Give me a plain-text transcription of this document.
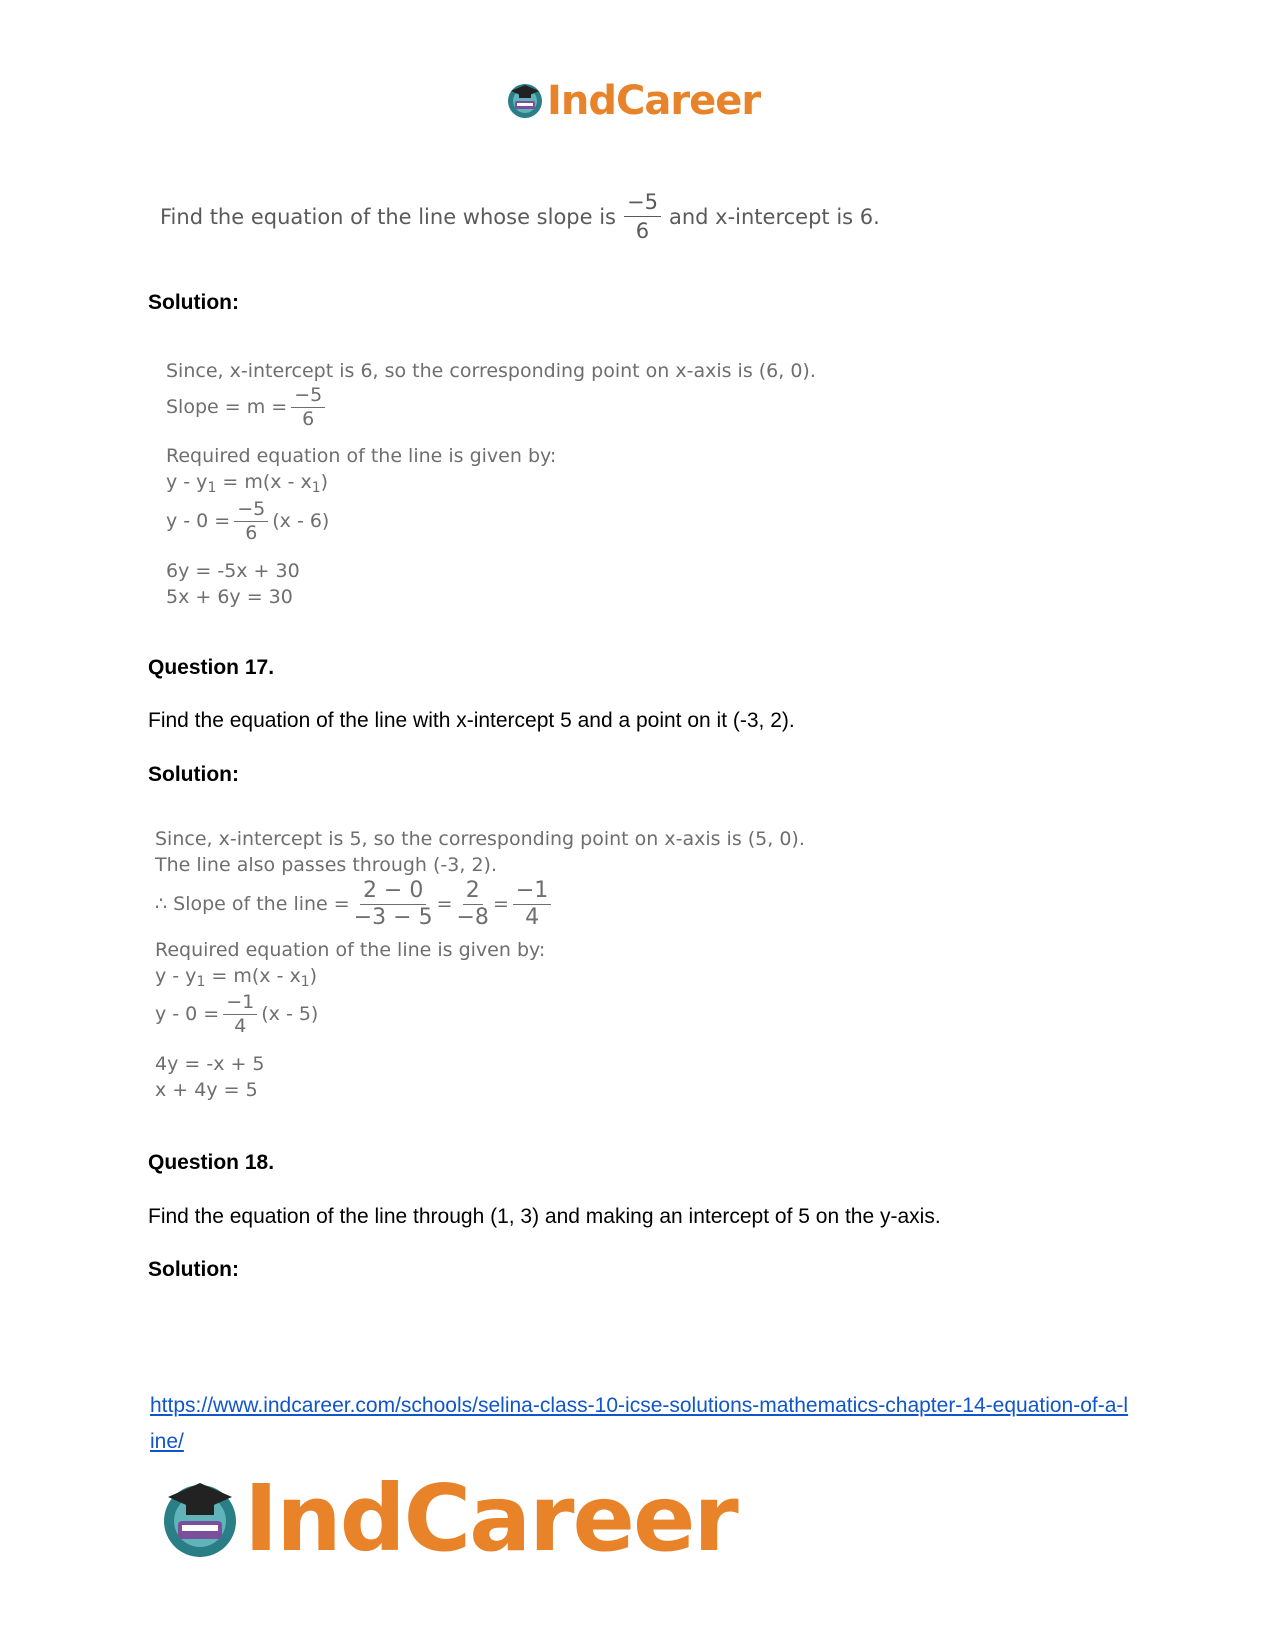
IndCareer
Find the equation of the line whose slope is $\frac{-5}{6}$ and x-intercept is 6.
Solution:
Since, x-intercept is 6, so the corresponding point on x-axis is (6, 0).
Slope = $m = \frac{-5}{6}$
Required equation of the line is given by:
$y - y_1 = m(x - x_1)$
$y - 0 = \frac{-5}{6} (x - 6)$
6y = -5x + 30
5x + 6y = 30
Question 17.
Find the equation of the line with x-intercept 5 and a point on it (-3, 2).
Solution:
Since, x-intercept is 5, so the corresponding point on x-axis is (5, 0).
The line also passes through (-3, 2).
∴ Slope of the line = $\frac{2 - 0}{-3 - 5} = \frac{2}{-8} = \frac{-1}{4}$
Required equation of the line is given by:
$y - y_1 = m(x - x_1)$
$y - 0 = \frac{-1}{4} (x - 5)$
4y = -x + 5
x + 4y = 5
Question 18.
Find the equation of the line through (1, 3) and making an intercept of 5 on the y-axis.
Solution:
https://www.indcareer.com/schools/selina-class-10-icse-solutions-mathematics-chapter-14-equation-of-a-line/
IndCareer
